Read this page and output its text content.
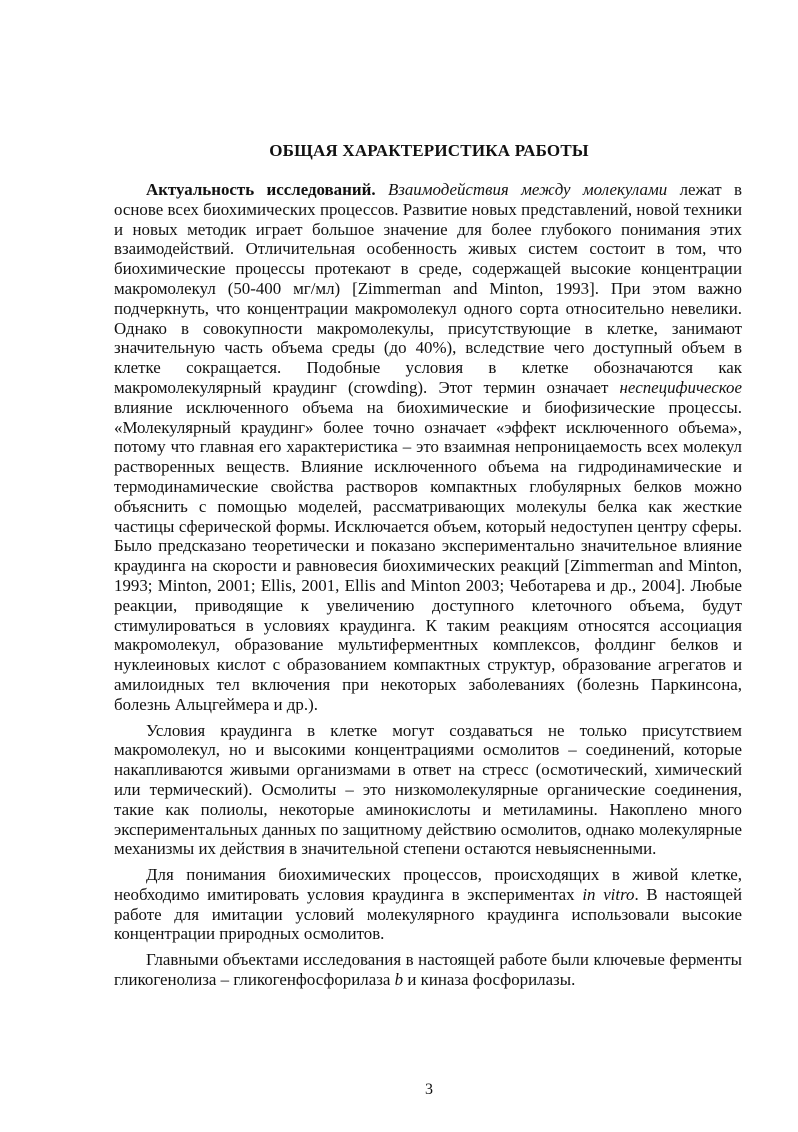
ОБЩАЯ ХАРАКТЕРИСТИКА РАБОТЫ

Актуальность исследований. Взаимодействия между молекулами лежат в основе всех биохимических процессов. Развитие новых представлений, новой техники и новых методик играет большое значение для более глубокого понимания этих взаимодействий. Отличительная особенность живых систем состоит в том, что биохимические процессы протекают в среде, содержащей высокие концентрации макромолекул (50-400 мг/мл) [Zimmerman and Minton, 1993]. При этом важно подчеркнуть, что концентрации макромолекул одного сорта относительно невелики. Однако в совокупности макромолекулы, присутствующие в клетке, занимают значительную часть объема среды (до 40%), вследствие чего доступный объем в клетке сокращается. Подобные условия в клетке обозначаются как макромолекулярный краудинг (crowding). Этот термин означает неспецифическое влияние исключенного объема на биохимические и биофизические процессы. «Молекулярный краудинг» более точно означает «эффект исключенного объема», потому что главная его характеристика – это взаимная непроницаемость всех молекул растворенных веществ. Влияние исключенного объема на гидродинамические и термодинамические свойства растворов компактных глобулярных белков можно объяснить с помощью моделей, рассматривающих молекулы белка как жесткие частицы сферической формы. Исключается объем, который недоступен центру сферы. Было предсказано теоретически и показано экспериментально значительное влияние краудинга на скорости и равновесия биохимических реакций [Zimmerman and Minton, 1993; Minton, 2001; Ellis, 2001, Ellis and Minton 2003; Чеботарева и др., 2004]. Любые реакции, приводящие к увеличению доступного клеточного объема, будут стимулироваться в условиях краудинга. К таким реакциям относятся ассоциация макромолекул, образование мультиферментных комплексов, фолдинг белков и нуклеиновых кислот с образованием компактных структур, образование агрегатов и амилоидных тел включения при некоторых заболеваниях (болезнь Паркинсона, болезнь Альцгеймера и др.).

Условия краудинга в клетке могут создаваться не только присутствием макромолекул, но и высокими концентрациями осмолитов – соединений, которые накапливаются живыми организмами в ответ на стресс (осмотический, химический или термический). Осмолиты – это низкомолекулярные органические соединения, такие как полиолы, некоторые аминокислоты и метиламины. Накоплено много экспериментальных данных по защитному действию осмолитов, однако молекулярные механизмы их действия в значительной степени остаются невыясненными.

Для понимания биохимических процессов, происходящих в живой клетке, необходимо имитировать условия краудинга в экспериментах in vitro. В настоящей работе для имитации условий молекулярного краудинга использовали высокие концентрации природных осмолитов.

Главными объектами исследования в настоящей работе были ключевые ферменты гликогенолиза – гликогенфосфорилаза b и киназа фосфорилазы.

3
